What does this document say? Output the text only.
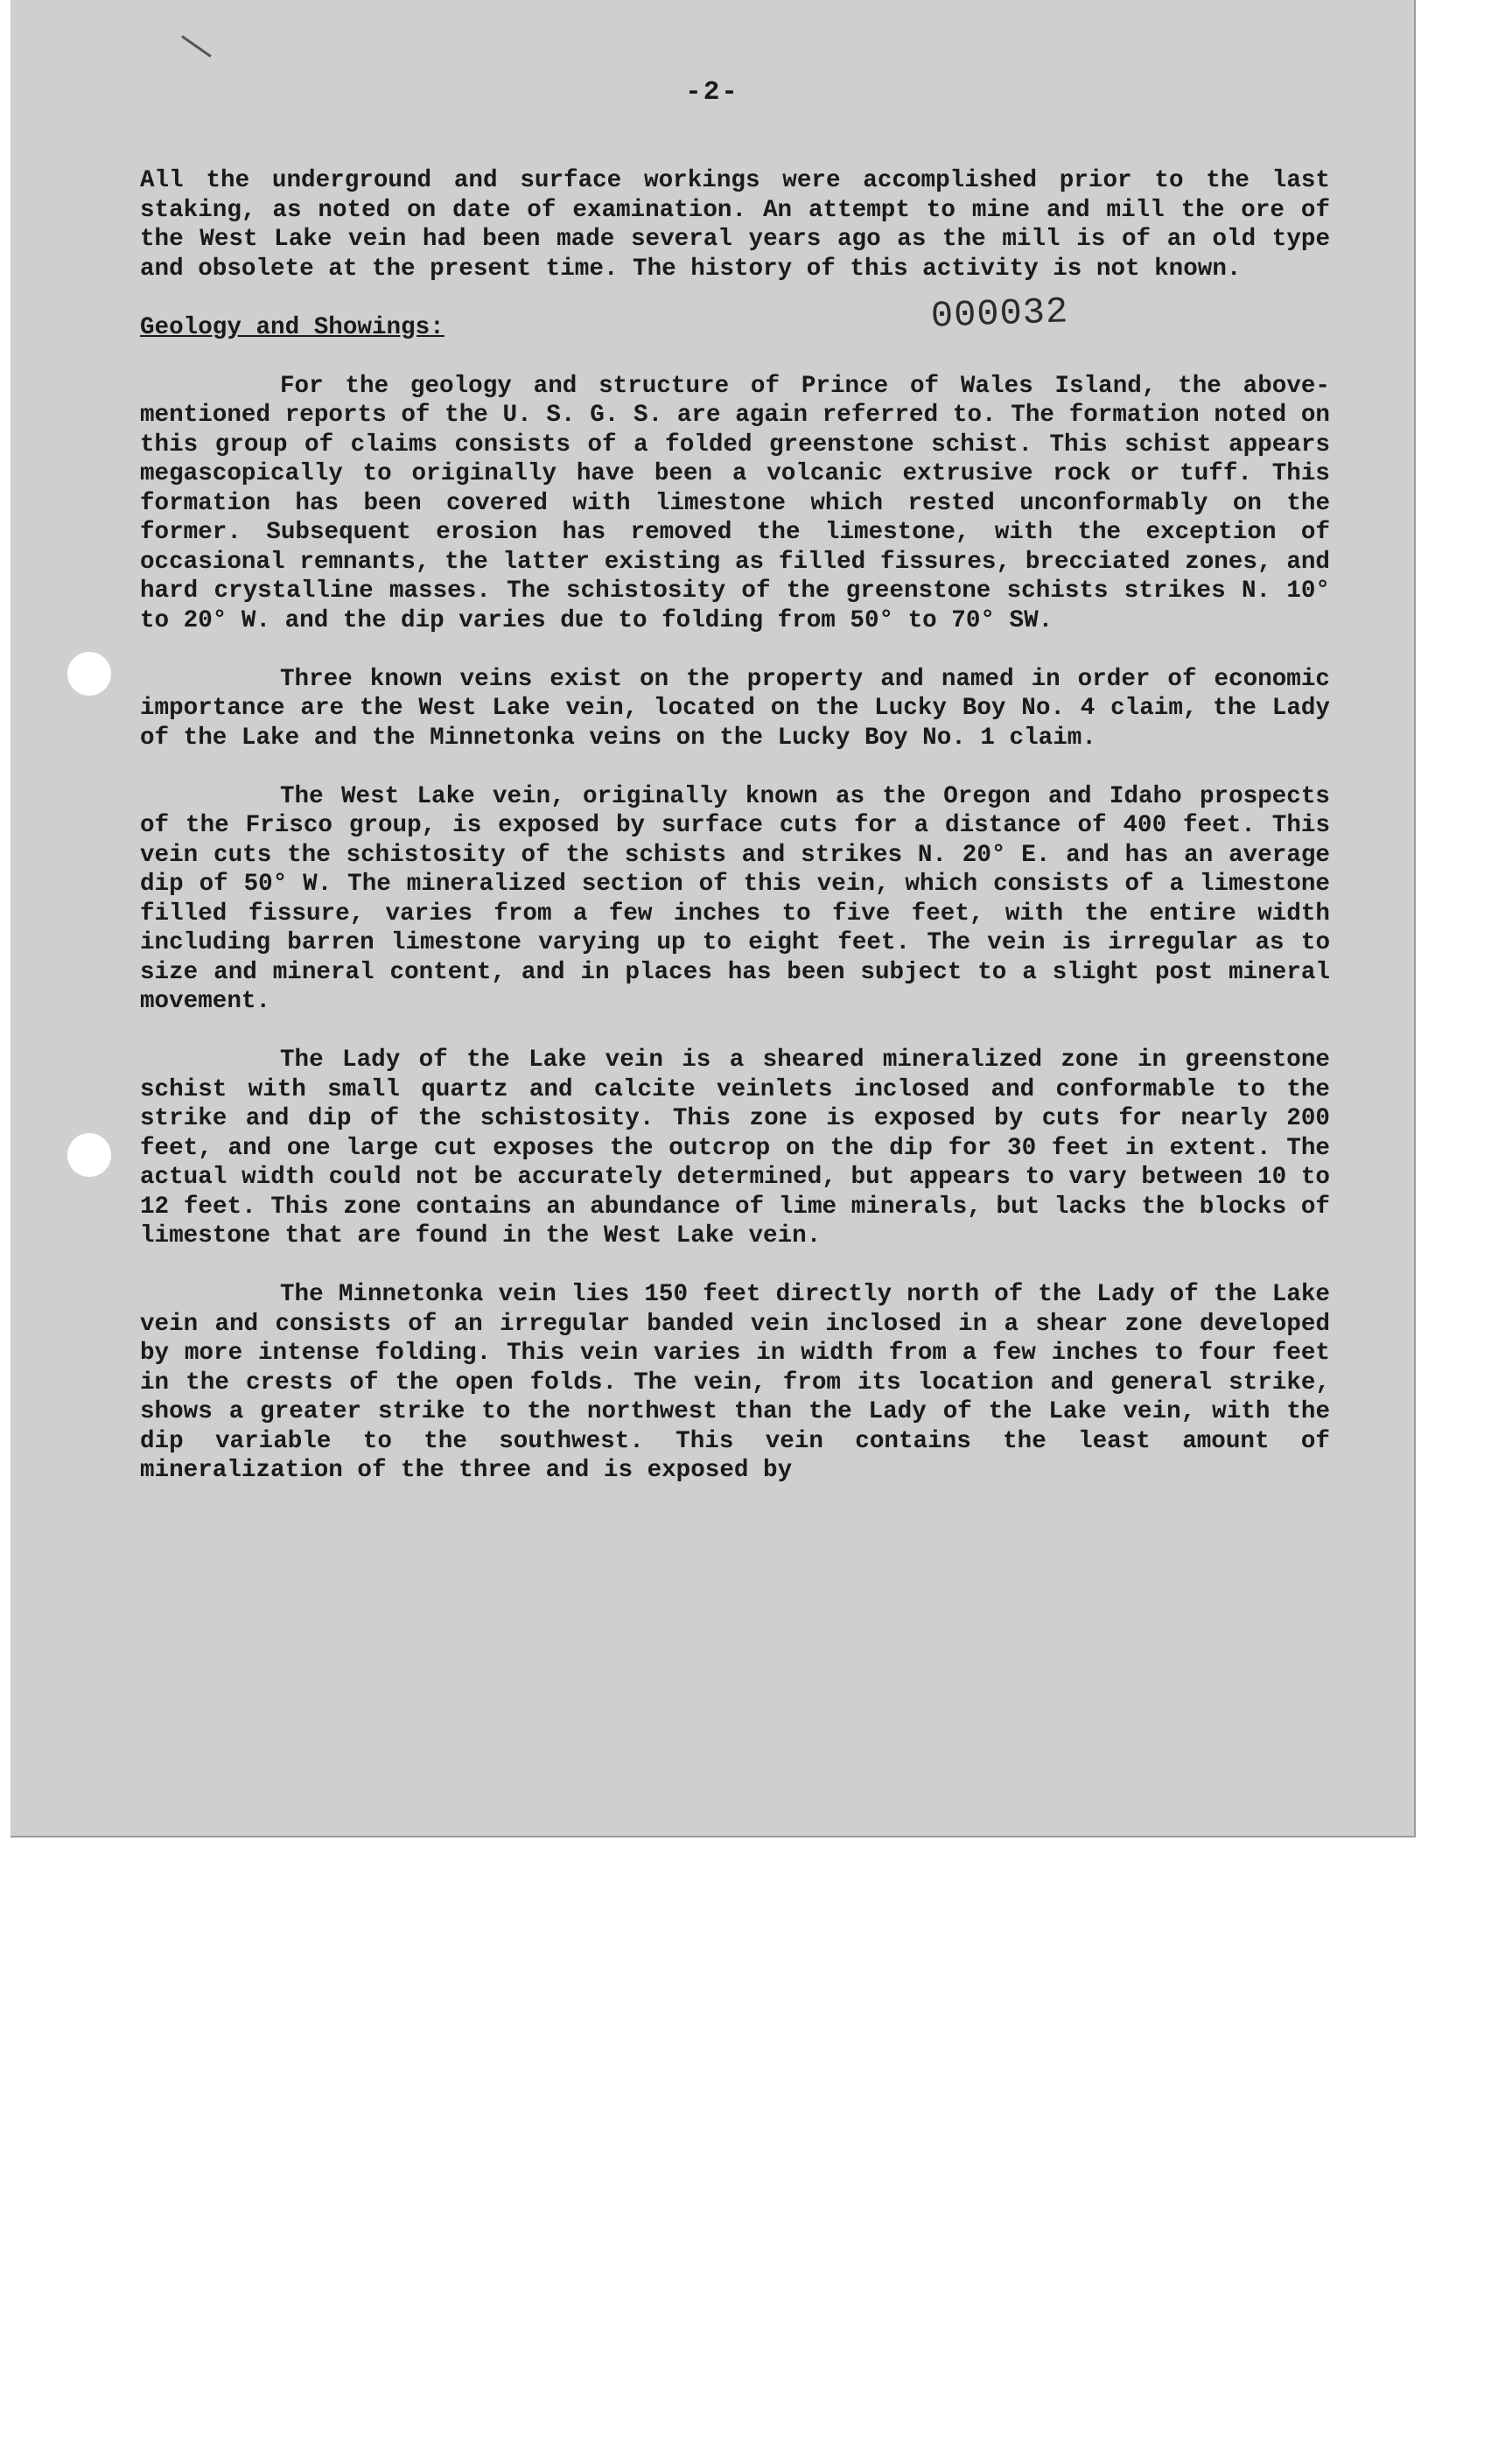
-2-
000032

All the underground and surface workings were accomplished prior to the last staking, as noted on date of examination. An attempt to mine and mill the ore of the West Lake vein had been made several years ago as the mill is of an old type and obsolete at the present time. The history of this activity is not known.

Geology and Showings:

For the geology and structure of Prince of Wales Island, the above-mentioned reports of the U. S. G. S. are again referred to. The formation noted on this group of claims consists of a folded greenstone schist. This schist appears megascopically to originally have been a volcanic extrusive rock or tuff. This formation has been covered with limestone which rested unconformably on the former. Subsequent erosion has removed the limestone, with the exception of occasional remnants, the latter existing as filled fissures, brecciated zones, and hard crystalline masses. The schistosity of the greenstone schists strikes N. 10° to 20° W. and the dip varies due to folding from 50° to 70° SW.

Three known veins exist on the property and named in order of economic importance are the West Lake vein, located on the Lucky Boy No. 4 claim, the Lady of the Lake and the Minnetonka veins on the Lucky Boy No. 1 claim.

The West Lake vein, originally known as the Oregon and Idaho prospects of the Frisco group, is exposed by surface cuts for a distance of 400 feet. This vein cuts the schistosity of the schists and strikes N. 20° E. and has an average dip of 50° W. The mineralized section of this vein, which consists of a limestone filled fissure, varies from a few inches to five feet, with the entire width including barren limestone varying up to eight feet. The vein is irregular as to size and mineral content, and in places has been subject to a slight post mineral movement.

The Lady of the Lake vein is a sheared mineralized zone in greenstone schist with small quartz and calcite veinlets inclosed and conformable to the strike and dip of the schistosity. This zone is exposed by cuts for nearly 200 feet, and one large cut exposes the outcrop on the dip for 30 feet in extent. The actual width could not be accurately determined, but appears to vary between 10 to 12 feet. This zone contains an abundance of lime minerals, but lacks the blocks of limestone that are found in the West Lake vein.

The Minnetonka vein lies 150 feet directly north of the Lady of the Lake vein and consists of an irregular banded vein inclosed in a shear zone developed by more intense folding. This vein varies in width from a few inches to four feet in the crests of the open folds. The vein, from its location and general strike, shows a greater strike to the northwest than the Lady of the Lake vein, with the dip variable to the southwest. This vein contains the least amount of mineralization of the three and is exposed by
